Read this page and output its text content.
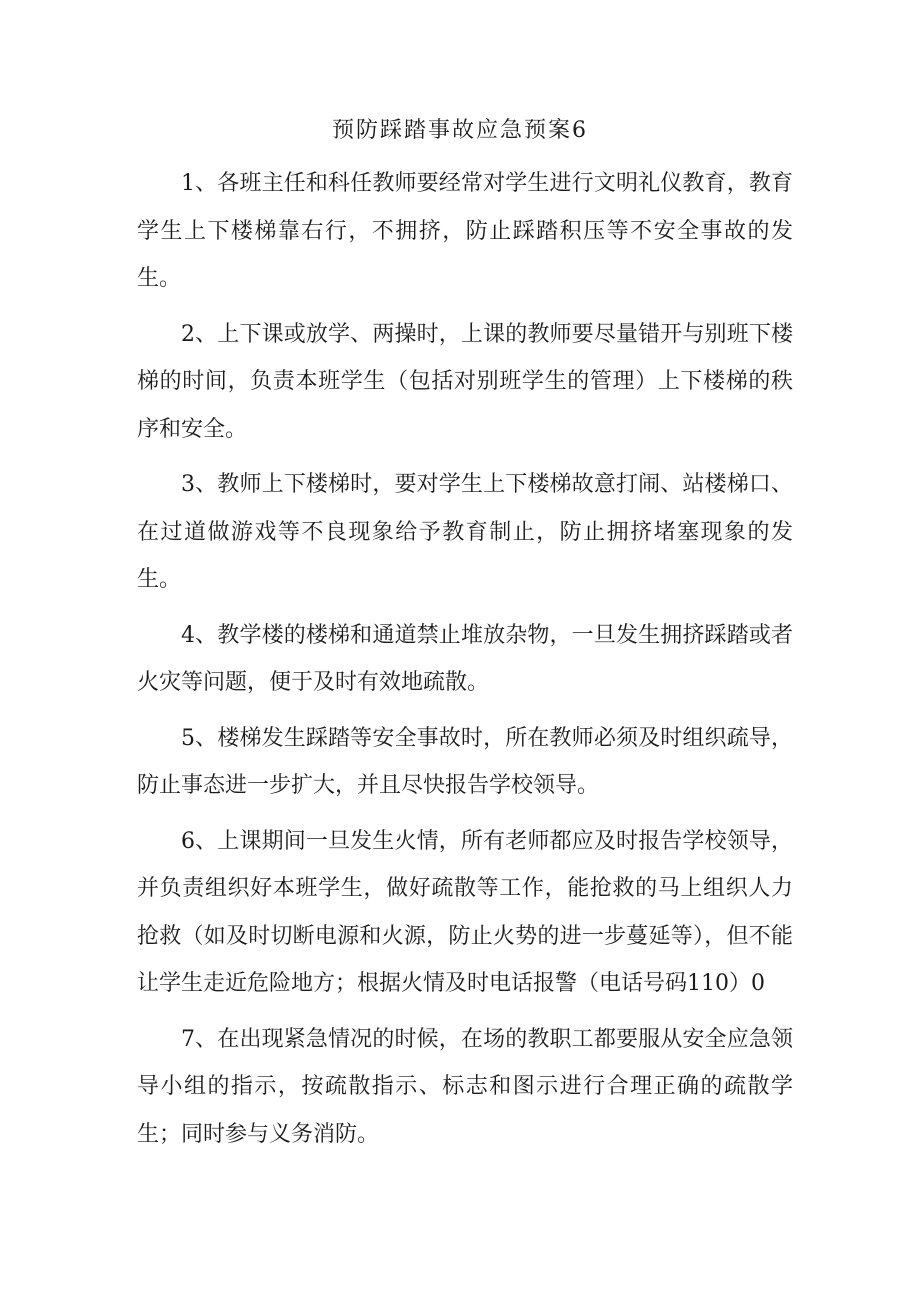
预防踩踏事故应急预案6

1、各班主任和科任教师要经常对学生进行文明礼仪教育，教育学生上下楼梯靠右行，不拥挤，防止踩踏积压等不安全事故的发生。

2、上下课或放学、两操时，上课的教师要尽量错开与别班下楼梯的时间，负责本班学生（包括对别班学生的管理）上下楼梯的秩序和安全。

3、教师上下楼梯时，要对学生上下楼梯故意打闹、站楼梯口、在过道做游戏等不良现象给予教育制止，防止拥挤堵塞现象的发生。

4、教学楼的楼梯和通道禁止堆放杂物，一旦发生拥挤踩踏或者火灾等问题，便于及时有效地疏散。

5、楼梯发生踩踏等安全事故时，所在教师必须及时组织疏导，防止事态进一步扩大，并且尽快报告学校领导。

6、上课期间一旦发生火情，所有老师都应及时报告学校领导，并负责组织好本班学生，做好疏散等工作，能抢救的马上组织人力抢救（如及时切断电源和火源，防止火势的进一步蔓延等），但不能让学生走近危险地方；根据火情及时电话报警（电话号码110）0

7、在出现紧急情况的时候，在场的教职工都要服从安全应急领导小组的指示，按疏散指示、标志和图示进行合理正确的疏散学生；同时参与义务消防。
